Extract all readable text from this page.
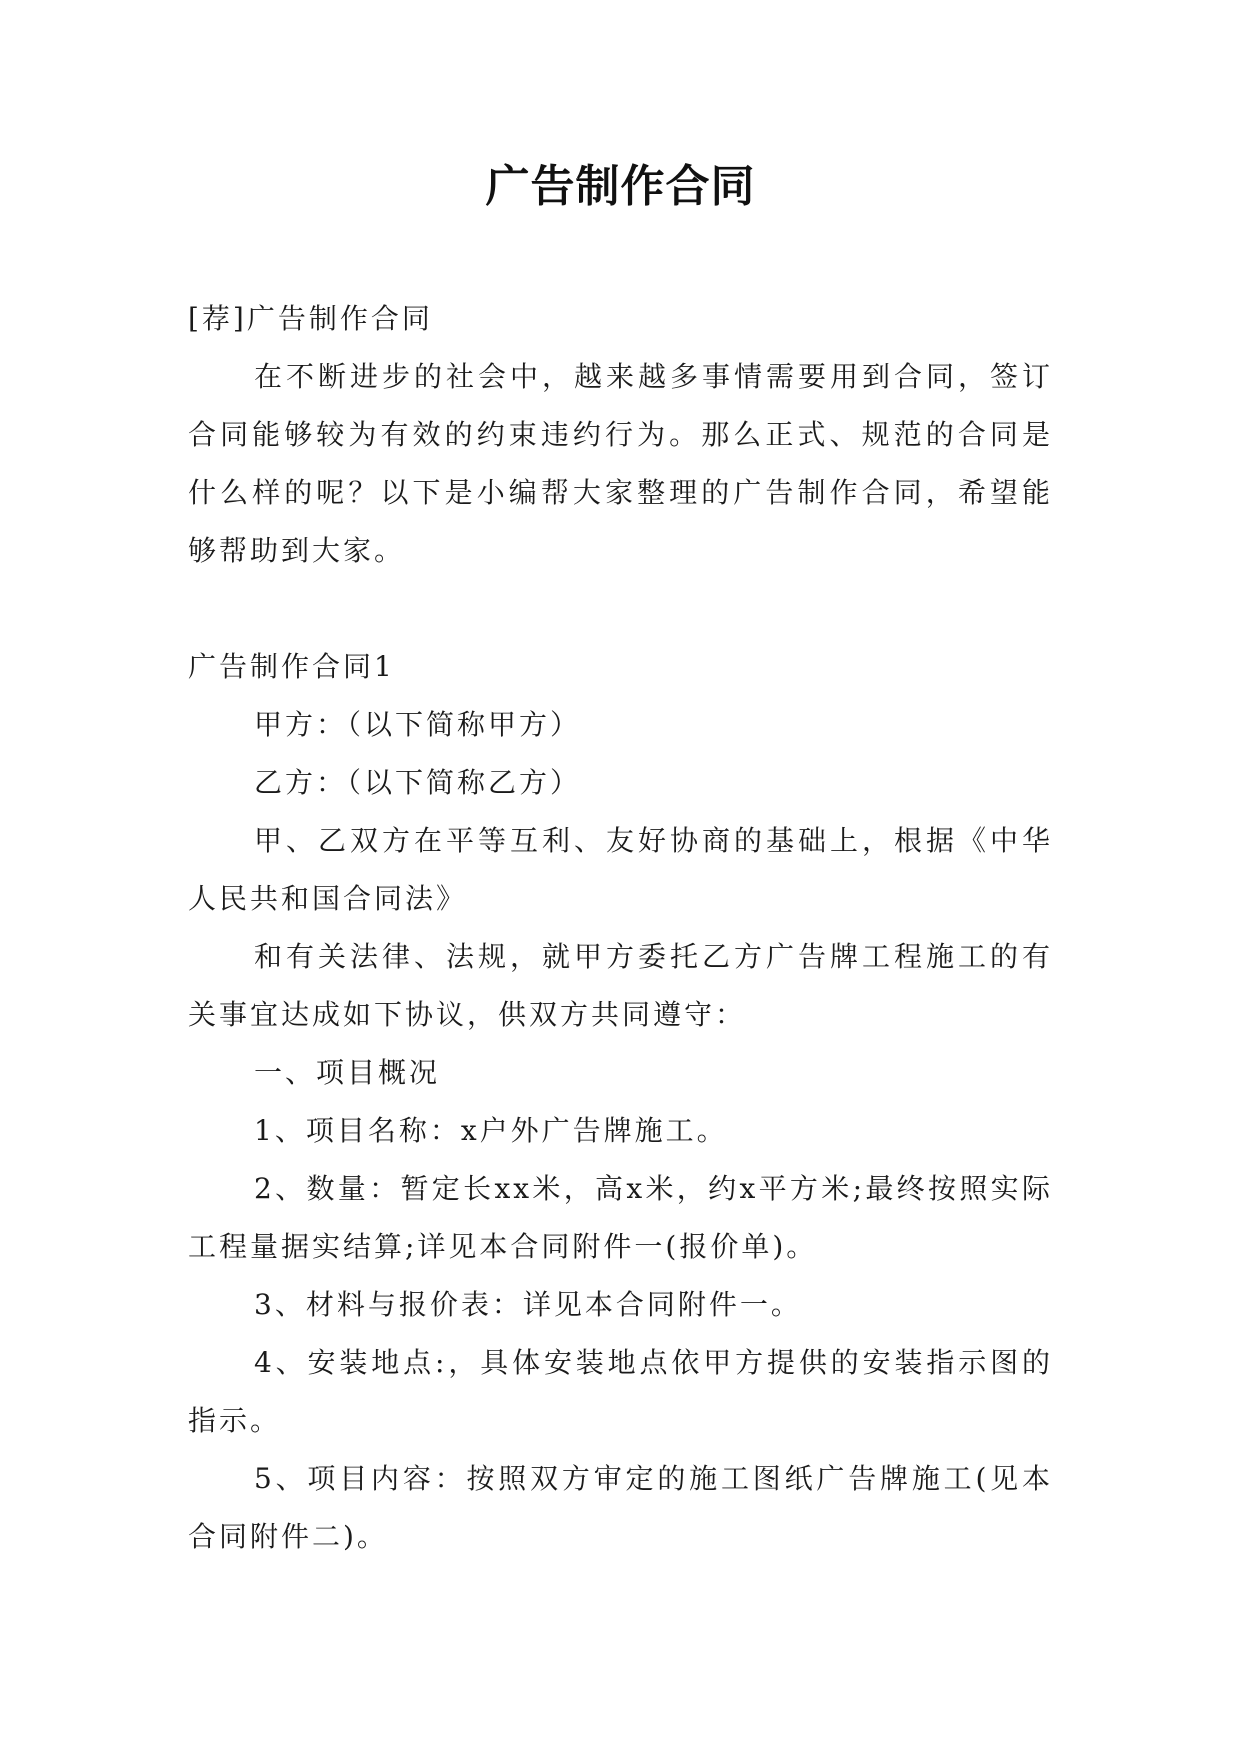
广告制作合同

[荐]广告制作合同

在不断进步的社会中，越来越多事情需要用到合同，签订合同能够较为有效的约束违约行为。那么正式、规范的合同是什么样的呢？以下是小编帮大家整理的广告制作合同，希望能够帮助到大家。

广告制作合同1

甲方：（以下简称甲方）

乙方：（以下简称乙方）

甲、乙双方在平等互利、友好协商的基础上，根据《中华人民共和国合同法》

和有关法律、法规，就甲方委托乙方广告牌工程施工的有关事宜达成如下协议，供双方共同遵守：

一、项目概况

1、项目名称：x户外广告牌施工。

2、数量：暂定长xx米，高x米，约x平方米;最终按照实际工程量据实结算;详见本合同附件一(报价单)。

3、材料与报价表：详见本合同附件一。

4、安装地点:，具体安装地点依甲方提供的安装指示图的指示。

5、项目内容：按照双方审定的施工图纸广告牌施工(见本合同附件二)。
